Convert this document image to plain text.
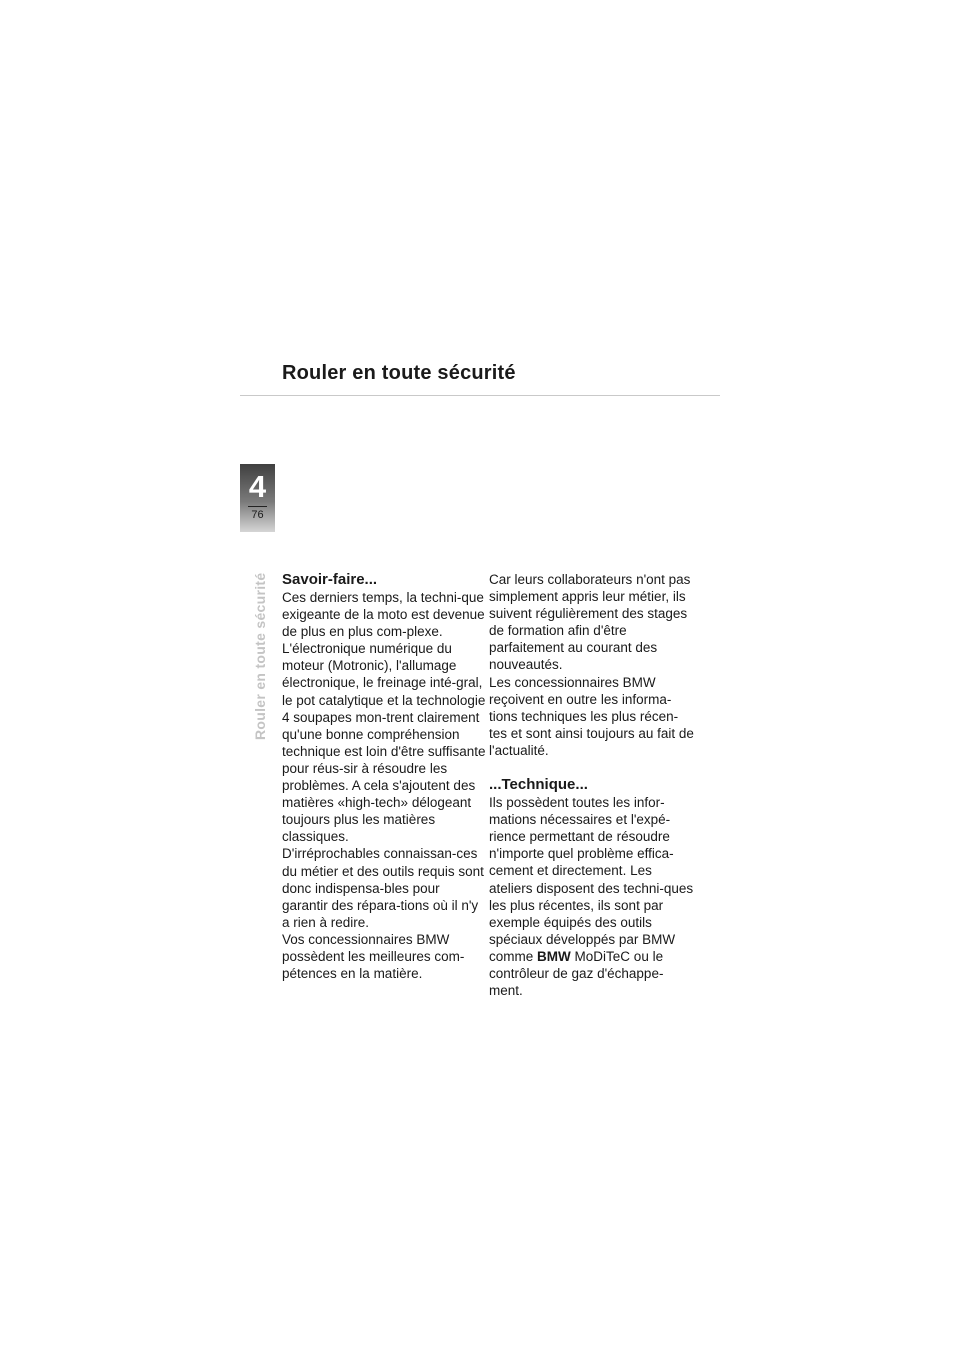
Rouler en toute sécurité
4
76
Rouler en toute sécurité Savoir-faire...

Ces derniers temps, la techni-que exigeante de la moto est devenue de plus en plus com-plexe.

L'électronique numérique du moteur (Motronic), l'allumage électronique, le freinage inté-gral, le pot catalytique et la technologie 4 soupapes mon-trent clairement qu'une bonne compréhension technique est loin d'être suffisante pour réus-sir à résoudre les problèmes. A cela s'ajoutent des matières «high-tech» délogeant toujours plus les matières classiques.

D'irréprochables connaissan-ces du métier et des outils requis sont donc indispensa-bles pour garantir des répara-tions où il n'y a rien à redire.

Vos concessionnaires BMW possèdent les meilleures com-pétences en la matière.

Car leurs collaborateurs n'ont pas simplement appris leur métier, ils suivent régulièrement des stages de formation afin d'être parfaitement au courant des nouveautés.

Les concessionnaires BMW reçoivent en outre les informa-tions techniques les plus récen-tes et sont ainsi toujours au fait de l'actualité.

...Technique...

Ils possèdent toutes les infor-mations nécessaires et l'expé-rience permettant de résoudre n'importe quel problème effica-cement et directement. Les ateliers disposent des techni-ques les plus récentes, ils sont par exemple équipés des outils spéciaux développés par BMW comme BMW MoDiTeC ou le contrôleur de gaz d'échappe-ment.
